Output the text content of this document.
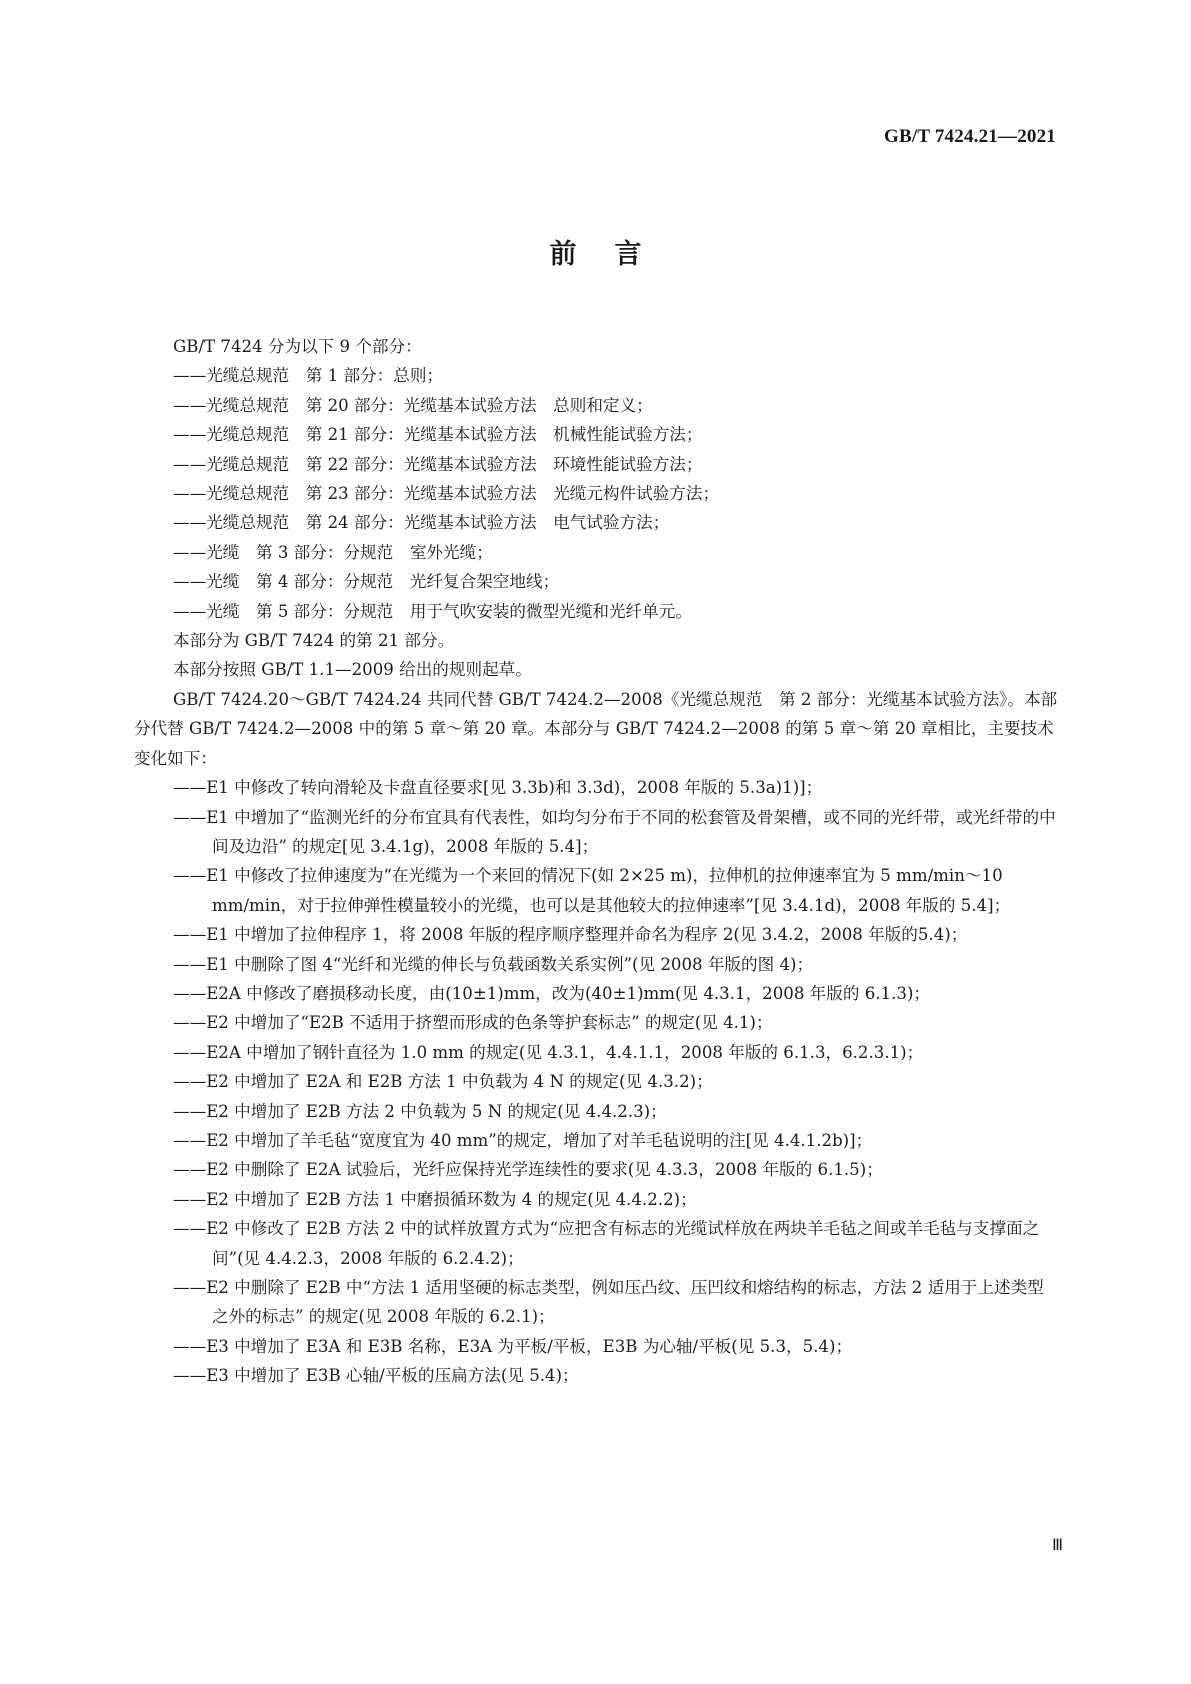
GB/T 7424.21—2021
前言

GB/T 7424 分为以下 9 个部分：

——光缆总规范　第 1 部分：总则；

——光缆总规范　第 20 部分：光缆基本试验方法　总则和定义；

——光缆总规范　第 21 部分：光缆基本试验方法　机械性能试验方法；

——光缆总规范　第 22 部分：光缆基本试验方法　环境性能试验方法；

——光缆总规范　第 23 部分：光缆基本试验方法　光缆元构件试验方法；

——光缆总规范　第 24 部分：光缆基本试验方法　电气试验方法；

——光缆　第 3 部分：分规范　室外光缆；

——光缆　第 4 部分：分规范　光纤复合架空地线；

——光缆　第 5 部分：分规范　用于气吹安装的微型光缆和光纤单元。

本部分为 GB/T 7424 的第 21 部分。

本部分按照 GB/T 1.1—2009 给出的规则起草。

GB/T 7424.20～GB/T 7424.24 共同代替 GB/T 7424.2—2008《光缆总规范　第 2 部分：光缆基本试验方法》。本部分代替 GB/T 7424.2—2008 中的第 5 章～第 20 章。本部分与 GB/T 7424.2—2008 的第 5 章～第 20 章相比，主要技术变化如下：

——E1 中修改了转向滑轮及卡盘直径要求[见 3.3b)和 3.3d)，2008 年版的 5.3a)1)]；

——E1 中增加了“监测光纤的分布宜具有代表性，如均匀分布于不同的松套管及骨架槽，或不同的光纤带，或光纤带的中间及边沿” 的规定[见 3.4.1g)，2008 年版的 5.4]；

——E1 中修改了拉伸速度为“在光缆为一个来回的情况下(如 2×25 m)，拉伸机的拉伸速率宜为 5 mm/min～10 mm/min，对于拉伸弹性模量较小的光缆，也可以是其他较大的拉伸速率”[见 3.4.1d)，2008 年版的 5.4]；

——E1 中增加了拉伸程序 1，将 2008 年版的程序顺序整理并命名为程序 2(见 3.4.2，2008 年版的5.4)；

——E1 中删除了图 4“光纤和光缆的伸长与负载函数关系实例”(见 2008 年版的图 4)；

——E2A 中修改了磨损移动长度，由(10±1)mm，改为(40±1)mm(见 4.3.1，2008 年版的 6.1.3)；

——E2 中增加了“E2B 不适用于挤塑而形成的色条等护套标志” 的规定(见 4.1)；

——E2A 中增加了钢针直径为 1.0 mm 的规定(见 4.3.1，4.4.1.1，2008 年版的 6.1.3，6.2.3.1)；

——E2 中增加了 E2A 和 E2B 方法 1 中负载为 4 N 的规定(见 4.3.2)；

——E2 中增加了 E2B 方法 2 中负载为 5 N 的规定(见 4.4.2.3)；

——E2 中增加了羊毛毡“宽度宜为 40 mm”的规定，增加了对羊毛毡说明的注[见 4.4.1.2b)]；

——E2 中删除了 E2A 试验后，光纤应保持光学连续性的要求(见 4.3.3，2008 年版的 6.1.5)；

——E2 中增加了 E2B 方法 1 中磨损循环数为 4 的规定(见 4.4.2.2)；

——E2 中修改了 E2B 方法 2 中的试样放置方式为“应把含有标志的光缆试样放在两块羊毛毡之间或羊毛毡与支撑面之间”(见 4.4.2.3，2008 年版的 6.2.4.2)；

——E2 中删除了 E2B 中“方法 1 适用坚硬的标志类型，例如压凸纹、压凹纹和熔结构的标志，方法 2 适用于上述类型之外的标志” 的规定(见 2008 年版的 6.2.1)；

——E3 中增加了 E3A 和 E3B 名称，E3A 为平板/平板，E3B 为心轴/平板(见 5.3，5.4)；

——E3 中增加了 E3B 心轴/平板的压扁方法(见 5.4)；

Ⅲ
